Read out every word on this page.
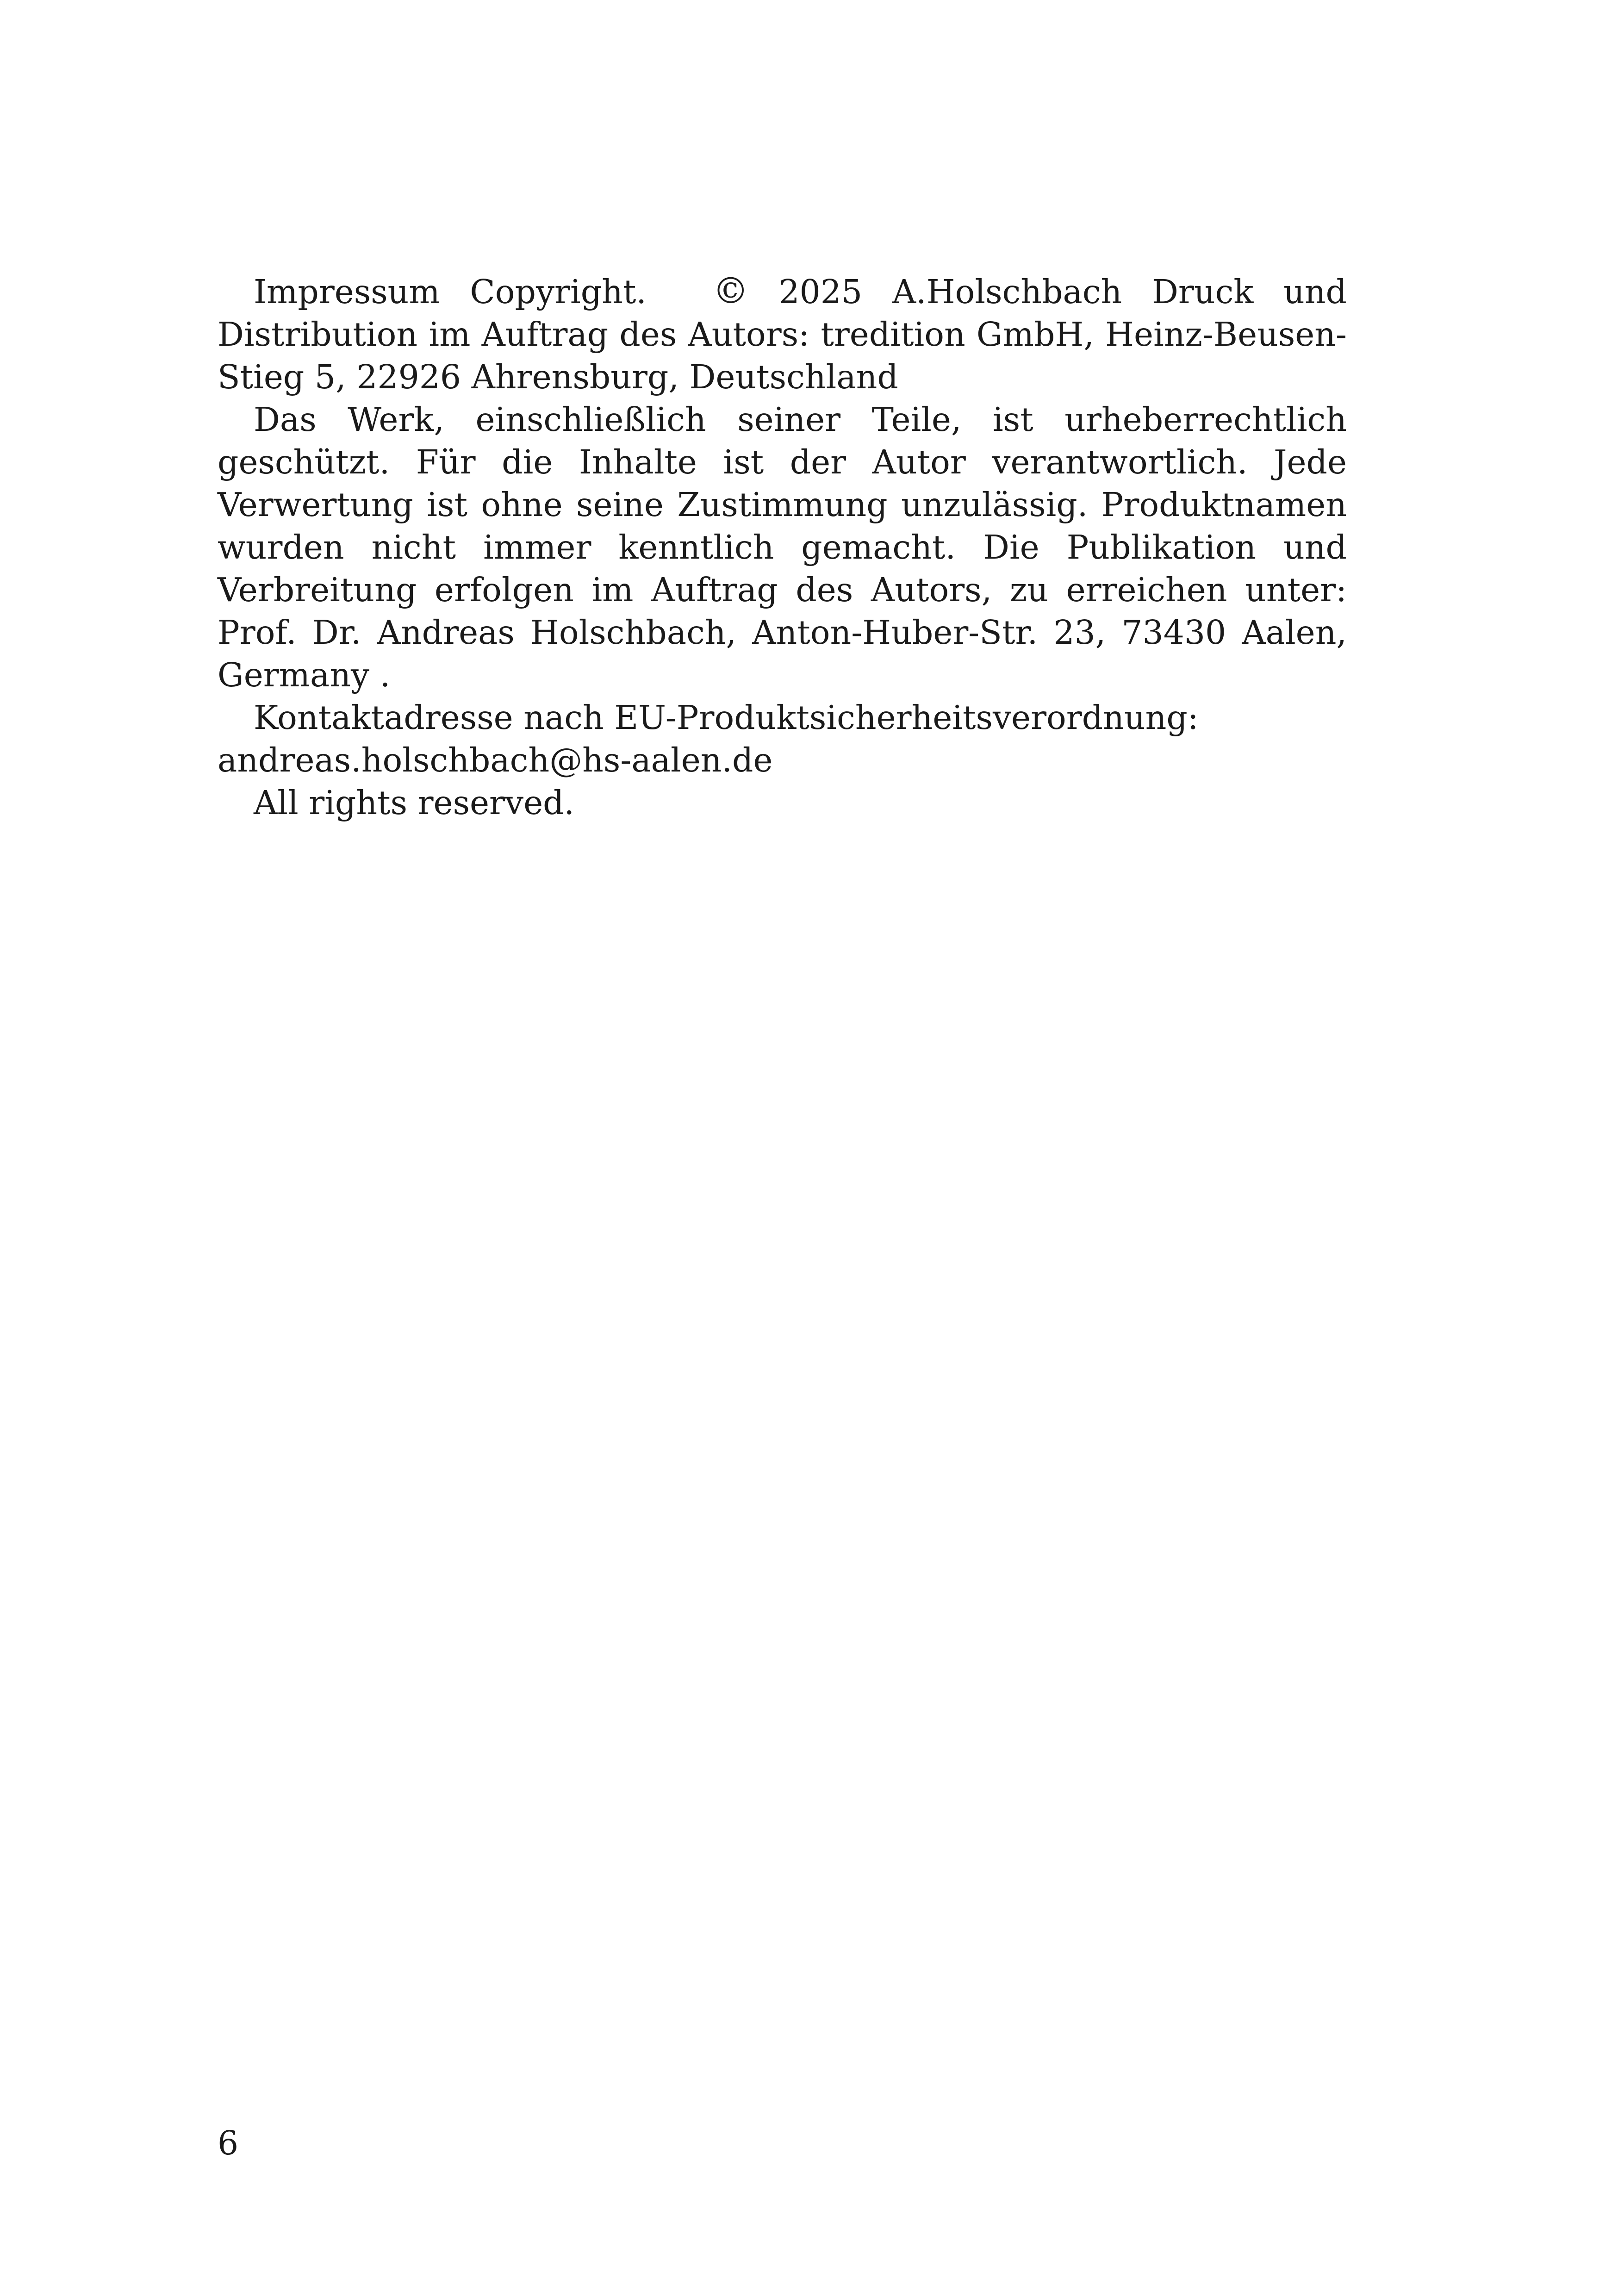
Impressum Copyright. © 2025 A.Holschbach Druck und Distribution im Auftrag des Autors: tredition GmbH, Heinz-Beusen-Stieg 5, 22926 Ahrensburg, Deutschland

Das Werk, einschließlich seiner Teile, ist urheberrechtlich geschützt. Für die Inhalte ist der Autor verantwortlich. Jede Verwertung ist ohne seine Zustimmung unzulässig. Produktnamen wurden nicht immer kenntlich gemacht. Die Publikation und Verbreitung erfolgen im Auftrag des Autors, zu erreichen unter: Prof. Dr. Andreas Holschbach, Anton-Huber-Str. 23, 73430 Aalen, Germany .

Kontaktadresse nach EU-Produktsicherheitsverordnung: andreas.holschbach@hs-aalen.de

All rights reserved.

6
